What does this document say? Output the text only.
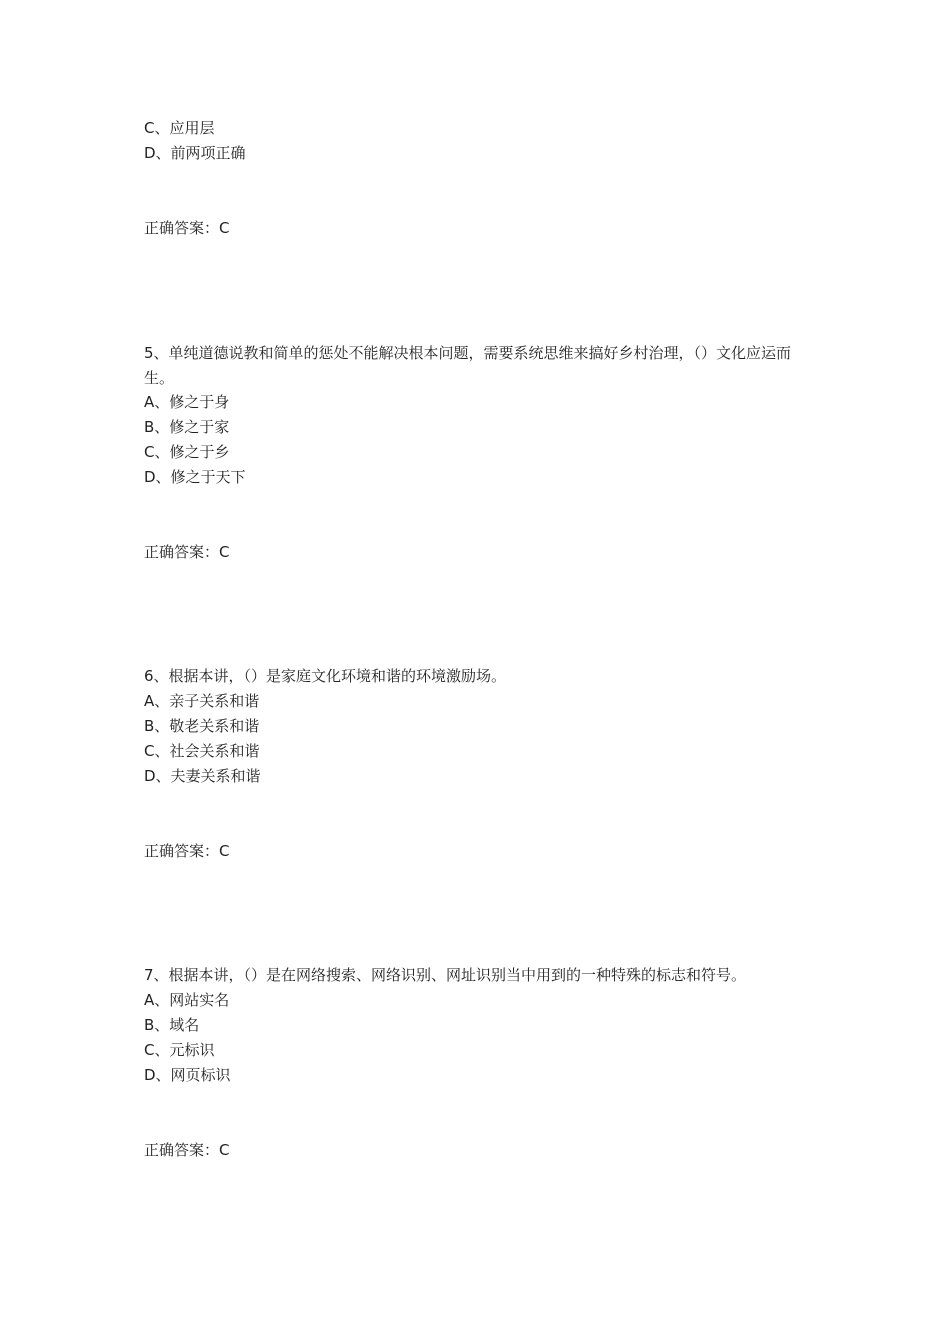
C、应用层
D、前两项正确
正确答案：C
5、单纯道德说教和简单的惩处不能解决根本问题，需要系统思维来搞好乡村治理，（）文化应运而生。
A、修之于身
B、修之于家
C、修之于乡
D、修之于天下
正确答案：C
6、根据本讲，（）是家庭文化环境和谐的环境激励场。
A、亲子关系和谐
B、敬老关系和谐
C、社会关系和谐
D、夫妻关系和谐
正确答案：C
7、根据本讲，（）是在网络搜索、网络识别、网址识别当中用到的一种特殊的标志和符号。
A、网站实名
B、域名
C、元标识
D、网页标识
正确答案：C
